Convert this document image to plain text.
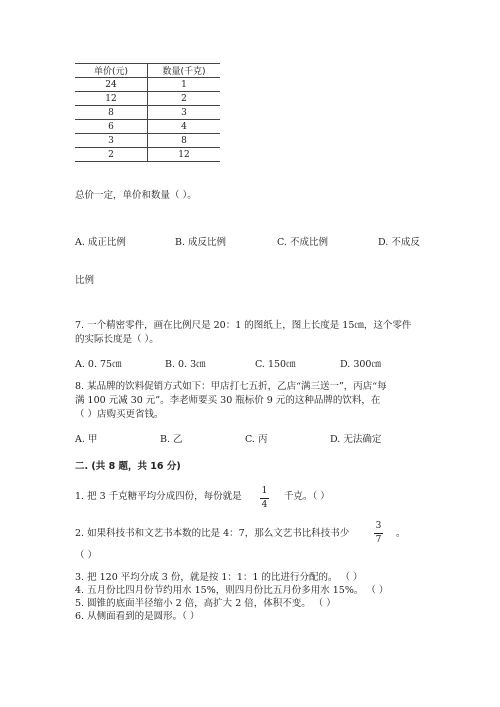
单价(元)	数量(千克)
24	1
12	2
8	3
6	4
3	8
2	12
总价一定，单价和数量（ ）。
A. 成正比例	B. 成反比例	C. 不成比例	D. 不成反
比例
7. 一个精密零件，画在比例尺是 20：1 的图纸上，图上长度是 15㎝，这个零件
的实际长度是（ ）。
A. 0. 75㎝	B. 0. 3㎝	C. 150㎝	D. 300㎝
8. 某品牌的饮料促销方式如下：甲店打七五折，乙店“满三送一”，丙店“每
满 100 元减 30 元”。李老师要买 30 瓶标价 9 元的这种品牌的饮料，在
（ ）店购买更省钱。
A. 甲	B. 乙	C. 丙	D. 无法确定
二. (共 8 题，共 16 分)
1. 把 3 千克糖平均分成四份，每份就是 1
4
千克。（ ）
2. 如果科技书和文艺书本数的比是 4：7，那么文艺书比科技书少
3
7
。
（ ）
3. 把 120 平均分成 3 份，就是按 1：1：1 的比进行分配的。 （ ）
4. 五月份比四月份节约用水 15%，则四月份比五月份多用水 15%。 （ ）
5. 圆锥的底面半径缩小 2 倍，高扩大 2 倍，体积不变。 （ ）
6. 从侧面看到的是圆形。（ ）
